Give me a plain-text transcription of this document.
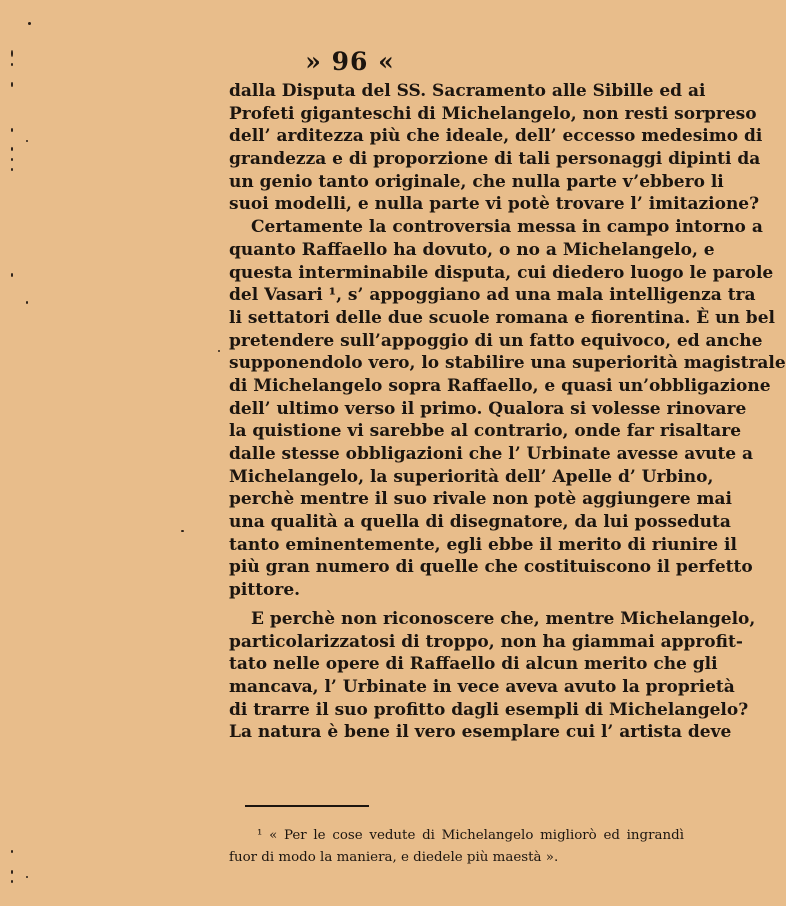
» 96 «
dalla Disputa del SS. Sacramento alle Sibille ed ai
Profeti giganteschi di Michelangelo, non resti sorpreso
dell’ arditezza più che ideale, dell’ eccesso medesimo di
grandezza e di proporzione di tali personaggi dipinti da
un genio tanto originale, che nulla parte v’ebbero li
suoi modelli, e nulla parte vi potè trovare l’ imitazione?
Certamente la controversia messa in campo intorno a
quanto Raffaello ha dovuto, o no a Michelangelo, e
questa interminabile disputa, cui diedero luogo le parole
del Vasari ¹, s’ appoggiano ad una mala intelligenza tra
li settatori delle due scuole romana e fiorentina. È un bel
pretendere sull’appoggio di un fatto equivoco, ed anche
supponendolo vero, lo stabilire una superiorità magistrale
di Michelangelo sopra Raffaello, e quasi un’obbligazione
dell’ ultimo verso il primo. Qualora si volesse rinovare
la quistione vi sarebbe al contrario, onde far risaltare
dalle stesse obbligazioni che l’ Urbinate avesse avute a
Michelangelo, la superiorità dell’ Apelle d’ Urbino,
perchè mentre il suo rivale non potè aggiungere mai
una qualità a quella di disegnatore, da lui posseduta
tanto eminentemente, egli ebbe il merito di riunire il
più gran numero di quelle che costituiscono il perfetto
pittore.
E perchè non riconoscere che, mentre Michelangelo,
particolarizzatosi di troppo, non ha giammai approfit-
tato nelle opere di Raffaello di alcun merito che gli
mancava, l’ Urbinate in vece aveva avuto la proprietà
di trarre il suo profitto dagli esempli di Michelangelo?
La natura è bene il vero esemplare cui l’ artista deve
¹ « Per le cose vedute di Michelangelo migliorò ed ingrandì
fuor di modo la maniera, e diedele più maestà ».
